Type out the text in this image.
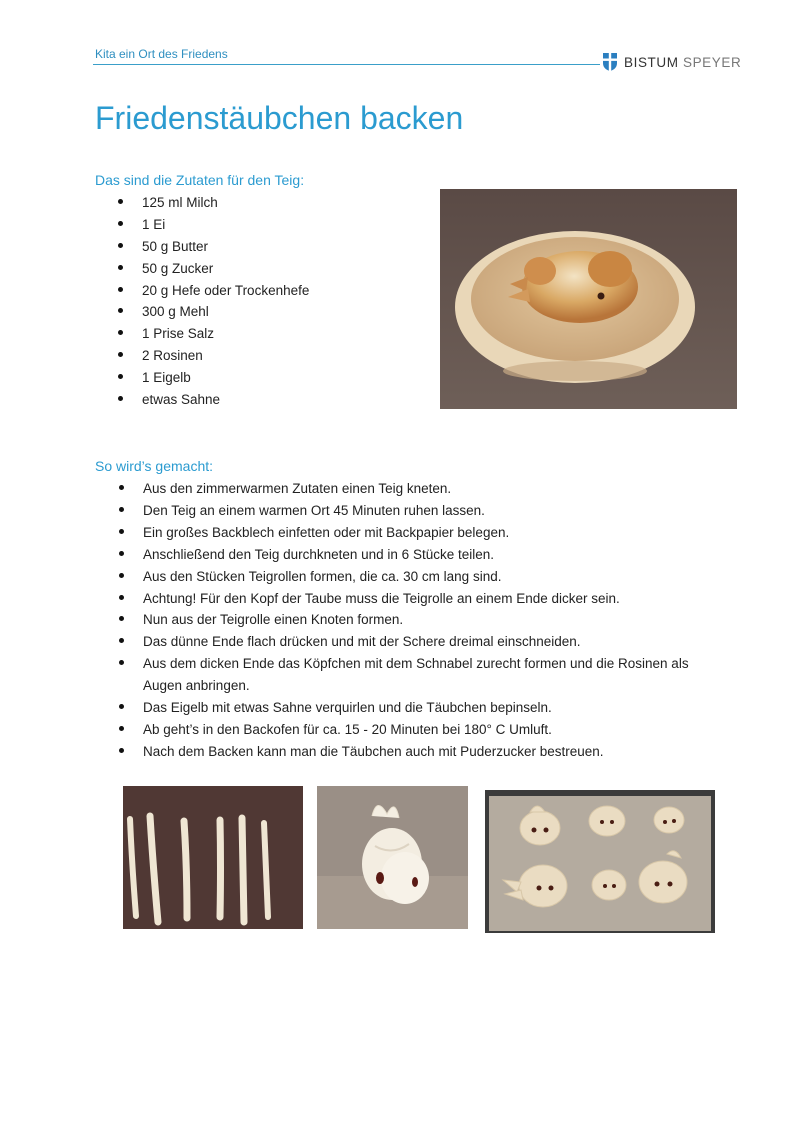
Kita ein Ort des Friedens
BISTUM SPEYER
Friedenstäubchen backen
Das sind die Zutaten für den Teig:
125 ml Milch
1 Ei
50 g Butter
50 g Zucker
20 g Hefe oder Trockenhefe
300 g Mehl
1 Prise Salz
2 Rosinen
1 Eigelb
etwas Sahne
So wird’s gemacht:
Aus den zimmerwarmen Zutaten einen Teig kneten.
Den Teig an einem warmen Ort 45 Minuten ruhen lassen.
Ein großes Backblech einfetten oder mit Backpapier belegen.
Anschließend den Teig durchkneten und in 6 Stücke teilen.
Aus den Stücken Teigrollen formen, die ca. 30 cm lang sind.
Achtung! Für den Kopf der Taube muss die Teigrolle an einem Ende dicker sein.
Nun aus der Teigrolle einen Knoten formen.
Das dünne Ende flach drücken und mit der Schere dreimal einschneiden.
Aus dem dicken Ende das Köpfchen mit dem Schnabel zurecht formen und die Rosinen als Augen anbringen.
Das Eigelb mit etwas Sahne verquirlen und die Täubchen bepinseln.
Ab geht’s in den Backofen für ca. 15 - 20 Minuten bei 180° C Umluft.
Nach dem Backen kann man die Täubchen auch mit Puderzucker bestreuen.
